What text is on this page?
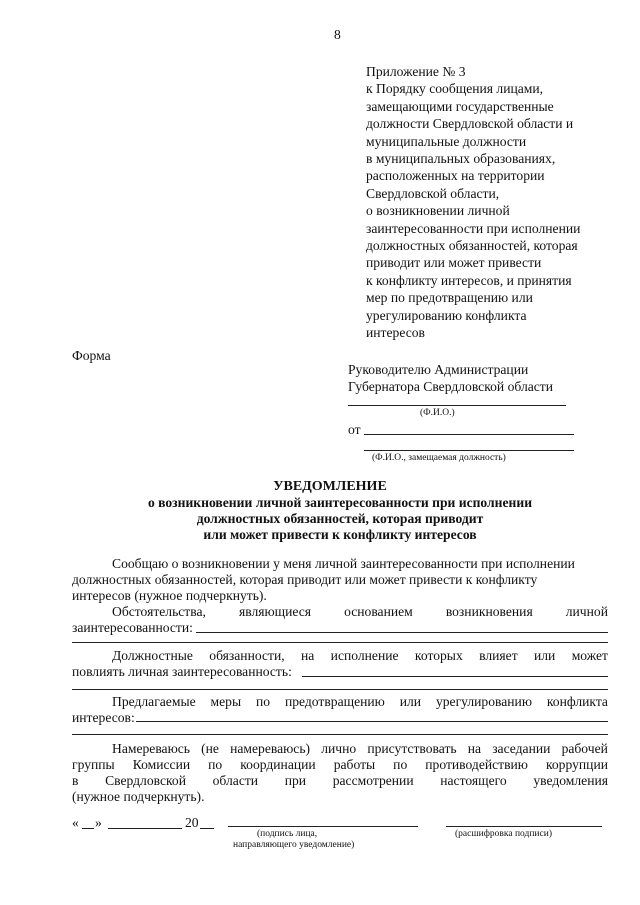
8
Приложение № 3
к Порядку сообщения лицами,
замещающими государственные
должности Свердловской области и
муниципальные должности
в муниципальных образованиях,
расположенных на территории
Свердловской области,
о возникновении личной
заинтересованности при исполнении
должностных обязанностей, которая
приводит или может привести
к конфликту интересов, и принятия
мер по предотвращению или
урегулированию конфликта
интересов
Форма
Руководителю Администрации
Губернатора Свердловской области
(Ф.И.О.)
от
(Ф.И.О., замещаемая должность)
УВЕДОМЛЕНИЕ
о возникновении личной заинтересованности при исполнении
должностных обязанностей, которая приводит
или может привести к конфликту интересов
Сообщаю о возникновении у меня личной заинтересованности при исполнении
должностных обязанностей, которая приводит или может привести к конфликту
интересов (нужное подчеркнуть).
Обстоятельства, являющиеся основанием возникновения личной
заинтересованности:
Должностные обязанности, на исполнение которых влияет или может
повлиять личная заинтересованность:
Предлагаемые меры по предотвращению или урегулированию конфликта
интересов:
Намереваюсь (не намереваюсь) лично присутствовать на заседании рабочей
группы Комиссии по координации работы по противодействию коррупции
в Свердловской области при рассмотрении настоящего уведомления
(нужное подчеркнуть).
« »	20
(подпись лица,
направляющего уведомление)
(расшифровка подписи)
